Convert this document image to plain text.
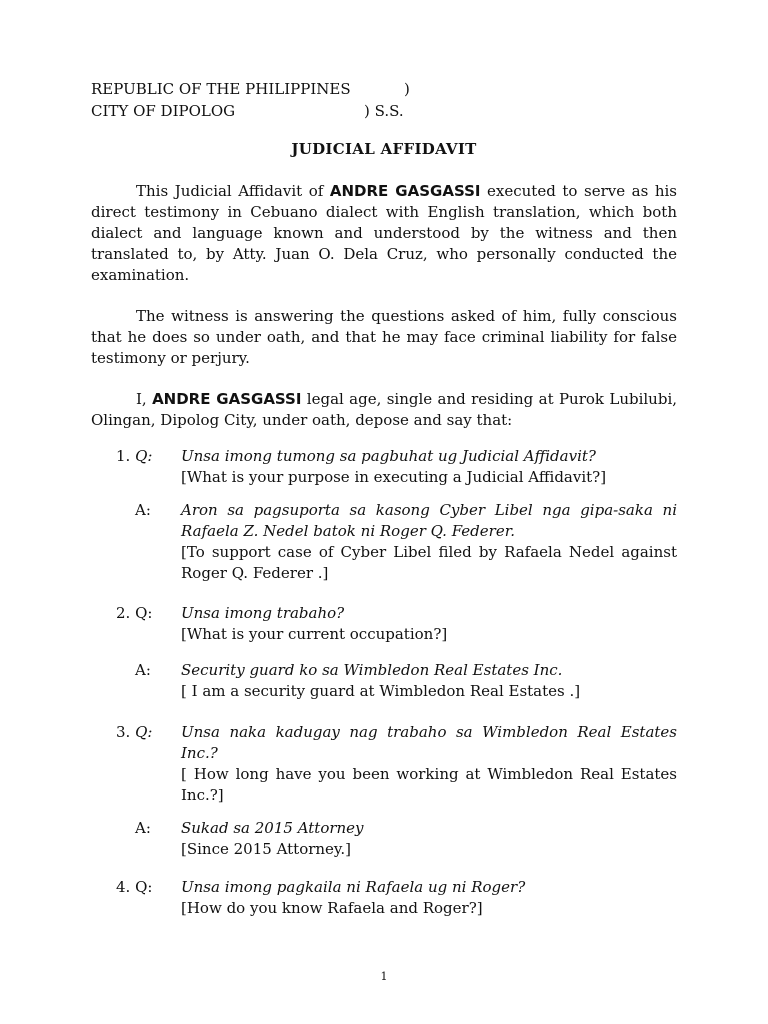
REPUBLIC OF THE PHILIPPINES	)
CITY OF DIPOLOG	) S.S.
JUDICIAL AFFIDAVIT
This Judicial Affidavit of ANDRE GASGASSI executed to serve as his direct testimony in Cebuano dialect with English translation, which both dialect and language known and understood by the witness and then translated to, by Atty. Juan O. Dela Cruz, who personally conducted the examination.
The witness is answering the questions asked of him, fully conscious that he does so under oath, and that he may face criminal liability for false testimony or perjury.
I, ANDRE GASGASSI legal age, single and residing at Purok Lubilubi, Olingan, Dipolog City, under oath, depose and say that:
1. Q: Unsa imong tumong sa pagbuhat ug Judicial Affidavit?
[What is your purpose in executing a Judicial Affidavit?]
A: Aron sa pagsuporta sa kasong Cyber Libel nga gipa-saka ni Rafaela Z. Nedel batok ni Roger Q. Federer.
[To support case of Cyber Libel filed by Rafaela Nedel against Roger Q. Federer .]
2. Q: Unsa imong trabaho?
[What is your current occupation?]
A: Security guard ko sa Wimbledon Real Estates Inc.
[ I am a security guard at Wimbledon Real Estates .]
3. Q: Unsa naka kadugay nag trabaho sa Wimbledon Real Estates Inc.?
[ How long have you been working at Wimbledon Real Estates Inc.?]
A: Sukad sa 2015 Attorney
[Since 2015 Attorney.]
4. Q: Unsa imong pagkaila ni Rafaela ug ni Roger?
[How do you know Rafaela and Roger?]
1
